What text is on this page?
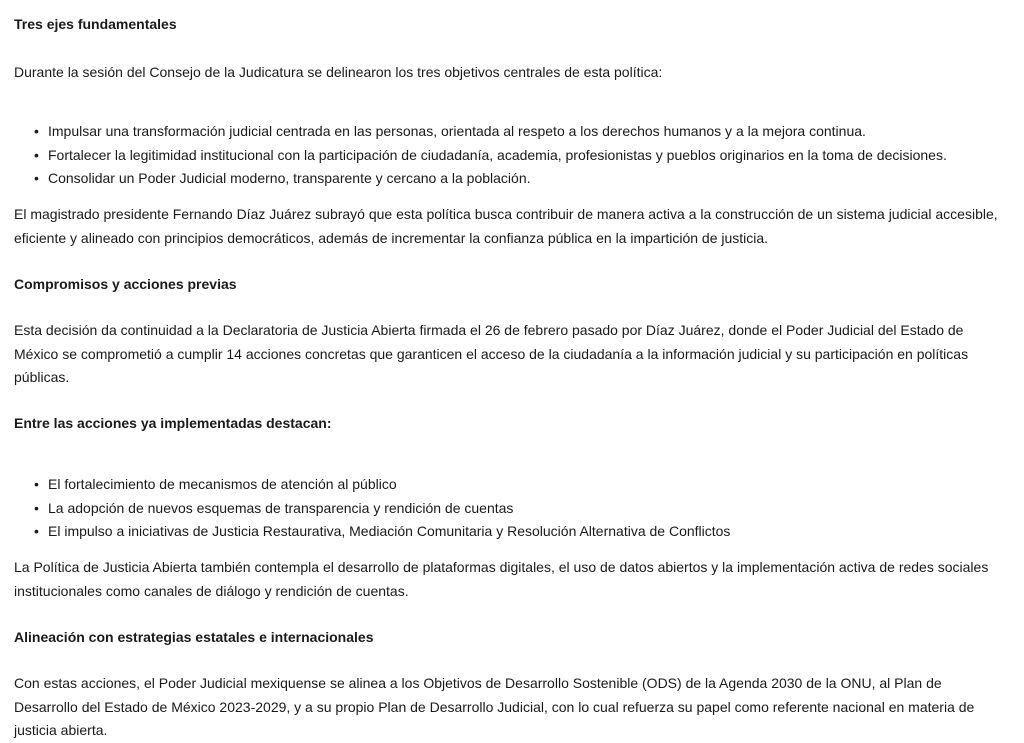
Tres ejes fundamentales

Durante la sesión del Consejo de la Judicatura se delinearon los tres objetivos centrales de esta política:

• Impulsar una transformación judicial centrada en las personas, orientada al respeto a los derechos humanos y a la mejora continua.
• Fortalecer la legitimidad institucional con la participación de ciudadanía, academia, profesionistas y pueblos originarios en la toma de decisiones.
• Consolidar un Poder Judicial moderno, transparente y cercano a la población.

El magistrado presidente Fernando Díaz Juárez subrayó que esta política busca contribuir de manera activa a la construcción de un sistema judicial accesible, eficiente y alineado con principios democráticos, además de incrementar la confianza pública en la impartición de justicia.

Compromisos y acciones previas

Esta decisión da continuidad a la Declaratoria de Justicia Abierta firmada el 26 de febrero pasado por Díaz Juárez, donde el Poder Judicial del Estado de México se comprometió a cumplir 14 acciones concretas que garanticen el acceso de la ciudadanía a la información judicial y su participación en políticas públicas.

Entre las acciones ya implementadas destacan:
• El fortalecimiento de mecanismos de atención al público
• La adopción de nuevos esquemas de transparencia y rendición de cuentas
• El impulso a iniciativas de Justicia Restaurativa, Mediación Comunitaria y Resolución Alternativa de Conflictos

La Política de Justicia Abierta también contempla el desarrollo de plataformas digitales, el uso de datos abiertos y la implementación activa de redes sociales institucionales como canales de diálogo y rendición de cuentas.

Alineación con estrategias estatales e internacionales

Con estas acciones, el Poder Judicial mexiquense se alinea a los Objetivos de Desarrollo Sostenible (ODS) de la Agenda 2030 de la ONU, al Plan de Desarrollo del Estado de México 2023-2029, y a su propio Plan de Desarrollo Judicial, con lo cual refuerza su papel como referente nacional en materia de justicia abierta.
